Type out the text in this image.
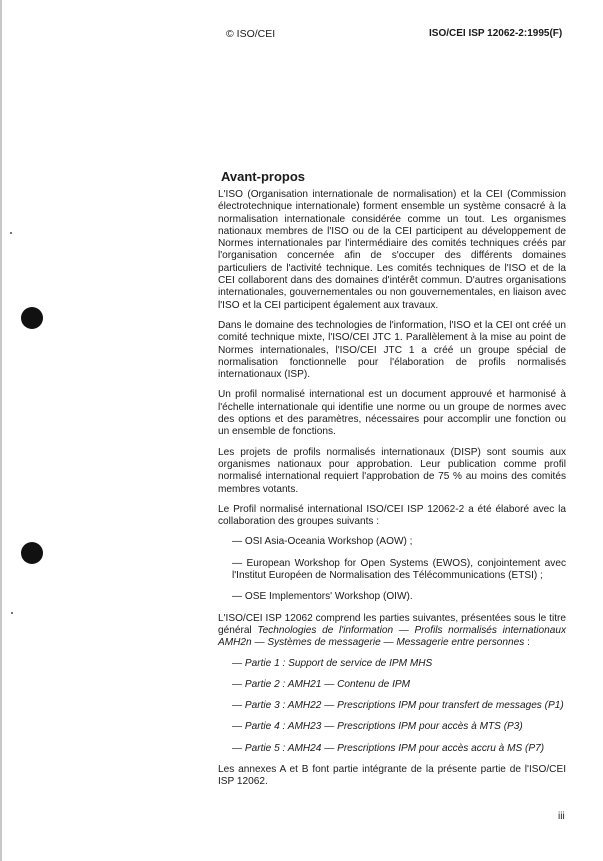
© ISO/CEI	ISO/CEI ISP 12062-2:1995(F)
Avant-propos

L'ISO (Organisation internationale de normalisation) et la CEI (Commission électrotechnique internationale) forment ensemble un système consacré à la normalisation internationale considérée comme un tout. Les organismes nationaux membres de l'ISO ou de la CEI participent au développement de Normes internationales par l'intermédiaire des comités techniques créés par l'organisation concernée afin de s'occuper des différents domaines particuliers de l'activité technique. Les comités techniques de l'ISO et de la CEI collaborent dans des domaines d'intérêt commun. D'autres organisations internationales, gouvernementales ou non gouvernementales, en liaison avec l'ISO et la CEI participent également aux travaux.

Dans le domaine des technologies de l'information, l'ISO et la CEI ont créé un comité technique mixte, l'ISO/CEI JTC 1. Parallèlement à la mise au point de Normes internationales, l'ISO/CEI JTC 1 a créé un groupe spécial de normalisation fonctionnelle pour l'élaboration de profils normalisés internationaux (ISP).

Un profil normalisé international est un document approuvé et harmonisé à l'échelle internationale qui identifie une norme ou un groupe de normes avec des options et des paramètres, nécessaires pour accomplir une fonction ou un ensemble de fonctions.

Les projets de profils normalisés internationaux (DISP) sont soumis aux organismes nationaux pour approbation. Leur publication comme profil normalisé international requiert l'approbation de 75 % au moins des comités membres votants.

Le Profil normalisé international ISO/CEI ISP 12062-2 a été élaboré avec la collaboration des groupes suivants :

— OSI Asia-Oceania Workshop (AOW) ;
— European Workshop for Open Systems (EWOS), conjointement avec l'Institut Européen de Normalisation des Télécommunications (ETSI) ;
— OSE Implementors' Workshop (OIW).

L'ISO/CEI ISP 12062 comprend les parties suivantes, présentées sous le titre général Technologies de l'information — Profils normalisés internationaux AMH2n — Systèmes de messagerie — Messagerie entre personnes :

— Partie 1 : Support de service de IPM MHS
— Partie 2 : AMH21 — Contenu de IPM
— Partie 3 : AMH22 — Prescriptions IPM pour transfert de messages (P1)
— Partie 4 : AMH23 — Prescriptions IPM pour accès à MTS (P3)
— Partie 5 : AMH24 — Prescriptions IPM pour accès accru à MS (P7)

Les annexes A et B font partie intégrante de la présente partie de l'ISO/CEI ISP 12062.

iii
